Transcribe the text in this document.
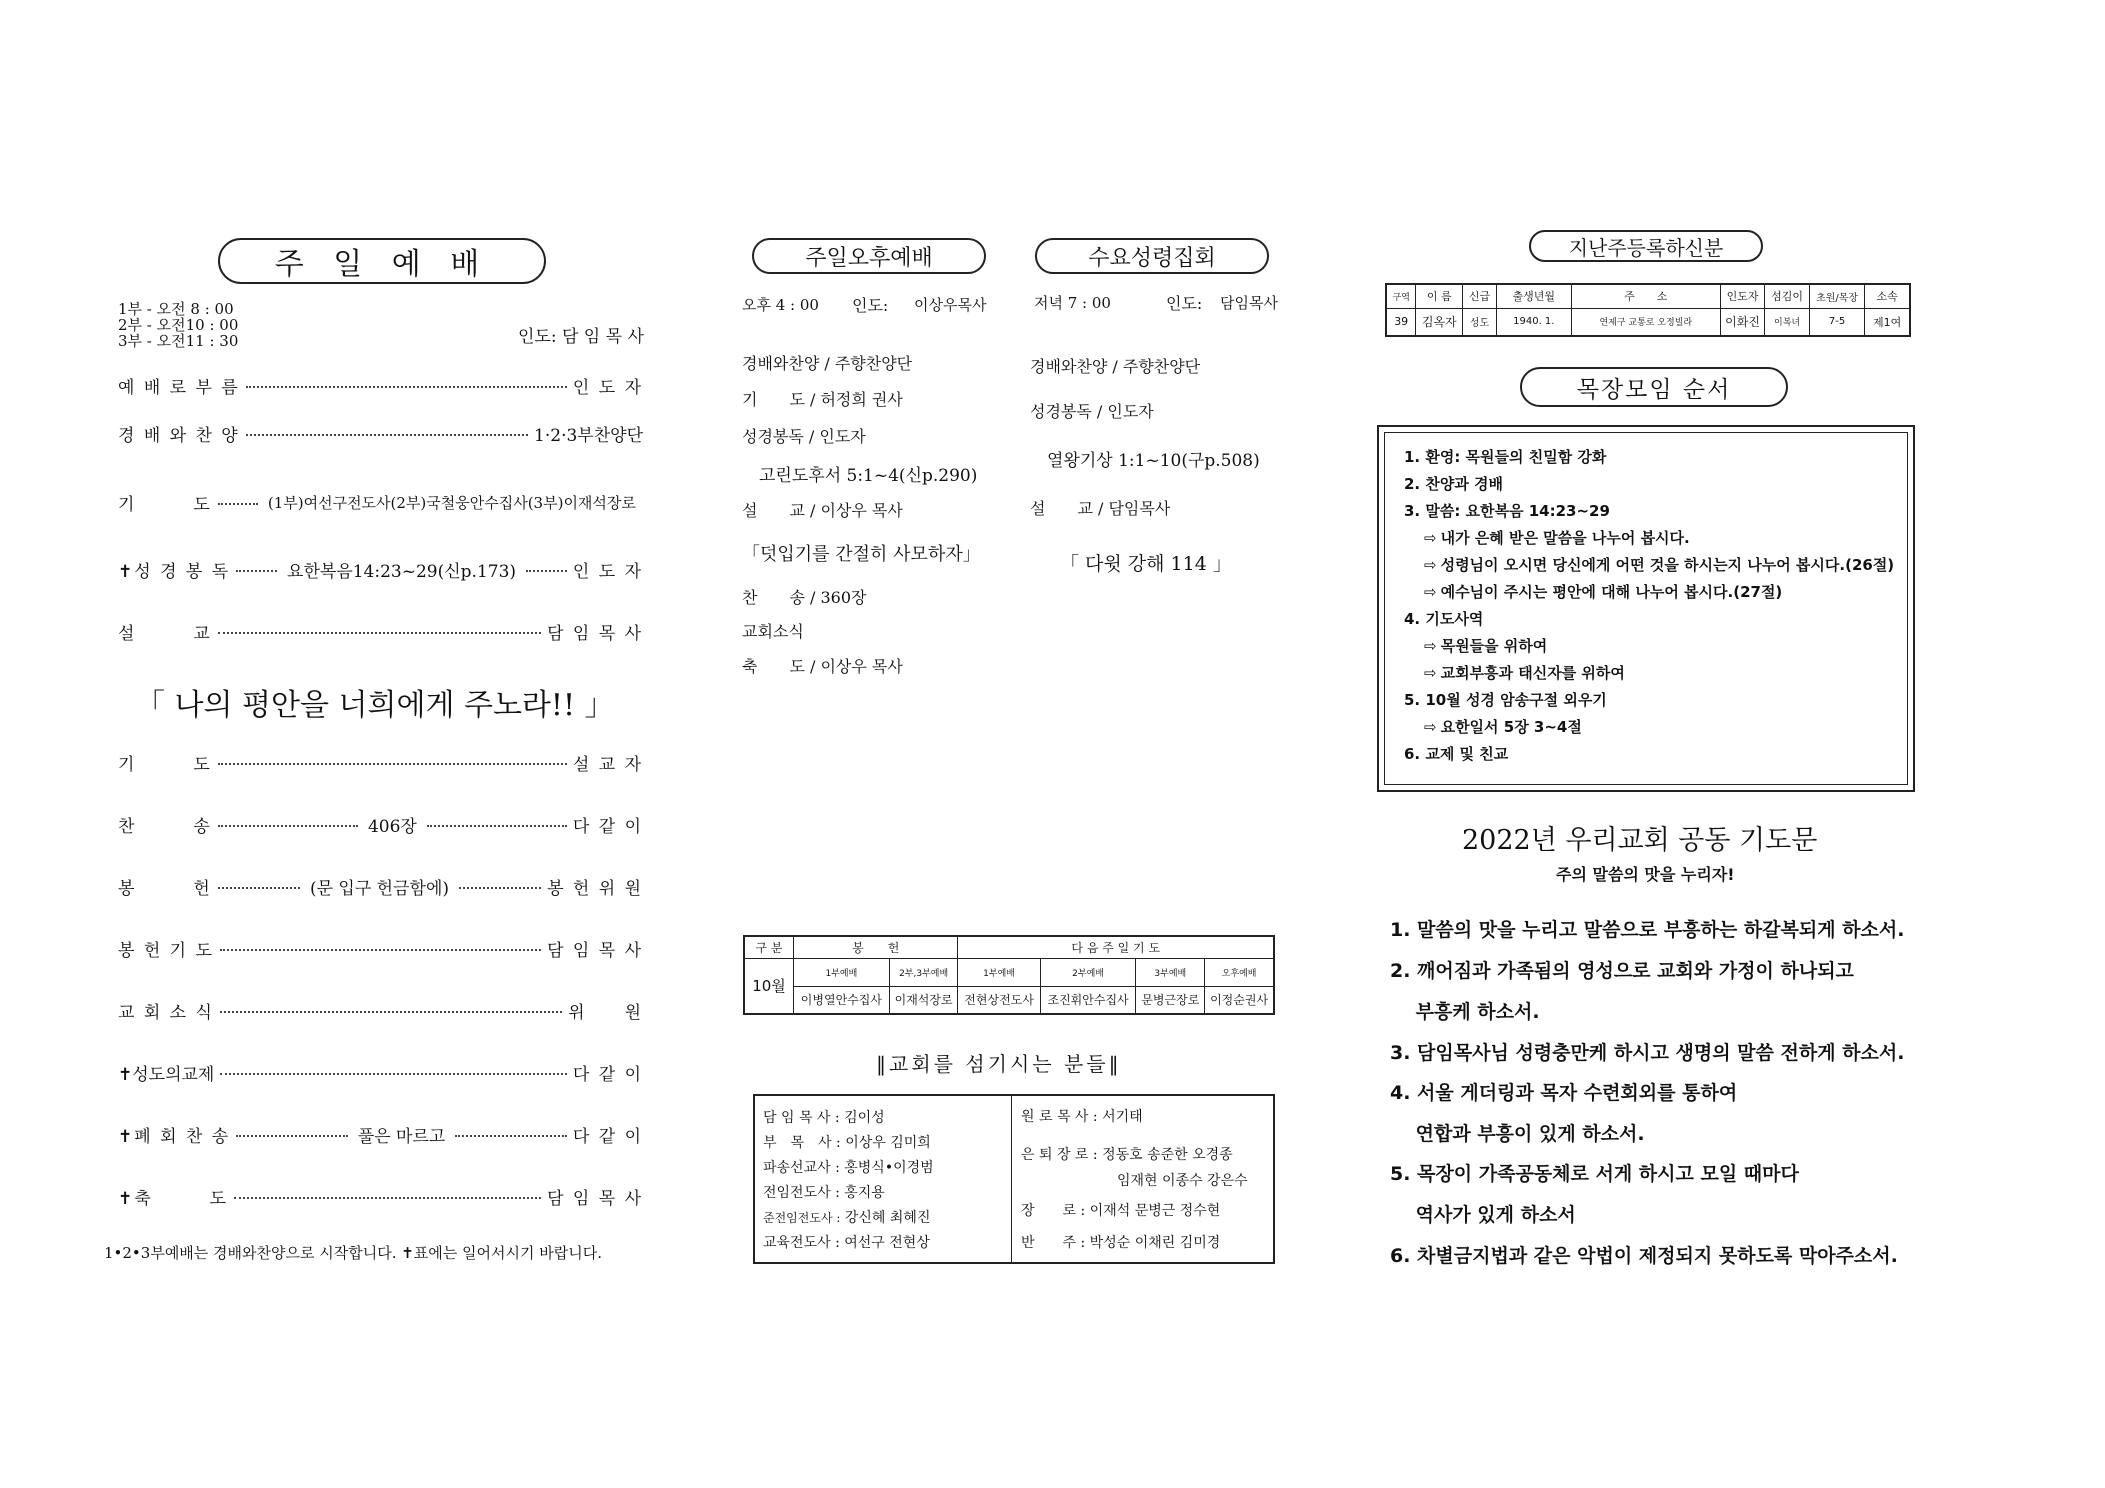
주 일 예 배
1부 - 오전 8 : 00
2부 - 오전10 : 00
3부 - 오전11 : 30	인도: 담 임 목 사
예 배 로 부 름	인 도 자
경 배 와 찬 양	1·2·3부찬양단
기　　　도	(1부)여선구전도사(2부)국철웅안수집사(3부)이재석장로
✝성 경 봉 독	요한복음14:23~29(신p.173)	인 도 자
설　　　교	담 임 목 사
「 나의 평안을 너희에게 주노라!! 」
기　　　도	설 교 자
찬　　　송	406장	다 같 이
봉　　　헌	(문 입구 헌금함에)	봉 헌 위 원
봉 헌 기 도	담 임 목 사
교 회 소 식	위　　원
✝성도의교제	다 같 이
✝폐 회 찬 송	풀은 마르고	다 같 이
✝축　　　도	담 임 목 사
1•2•3부예배는 경배와찬양으로 시작합니다. ✝표에는 일어서시기 바랍니다.
주일오후예배
오후 4 : 00 인도: 이상우목사
경배와찬양 / 주향찬양단
기　　도 / 허정희 권사
성경봉독 / 인도자
　고린도후서 5:1~4(신p.290)
설　　교 / 이상우 목사
「덧입기를 간절히 사모하자」
찬　　송 / 360장
교회소식
축　　도 / 이상우 목사
수요성령집회
저녁 7 : 00	인도: 담임목사
경배와찬양 / 주향찬양단
성경봉독 / 인도자
　열왕기상 1:1~10(구p.508)
설　　교 / 담임목사
「 다윗 강해 114 」
구 분	봉　　헌		다 음 주 일 기 도			
10월	1부예배	2부,3부예배	1부예배	2부예배	3부예배	오후예배
	이병열안수집사	이재석장로	전현상전도사	조진휘안수집사	문병근장로	이정순권사
‖교회를 섬기시는 분들‖
담 임 목 사 : 김이성
부　목　사 : 이상우 김미희
파송선교사 : 홍병식•이경범
전임전도사 : 홍지용
준전임전도사 : 강신혜 최혜진
교육전도사 : 여선구 전현상
원 로 목 사 : 서기태
은 퇴 장 로 : 정동호 송준한 오경종
임재현 이종수 강은수
장　　로 : 이재석 문병근 정수현
반　　주 : 박성순 이채린 김미경
지난주등록하신분
구역	이 름	신급	출생년월	주　　소	인도자	섬김이	초원/목장	소속
39	김옥자	성도	1940. 1.	연제구 교통로 오정빌라	이화진	이복녀	7-5	제1여
목장모임 순서
1. 환영: 목원들의 친밀함 강화
2. 찬양과 경배
3. 말씀: 요한복음 14:23~29
⇨ 내가 은혜 받은 말씀을 나누어 봅시다.
⇨ 성령님이 오시면 당신에게 어떤 것을 하시는지 나누어 봅시다.(26절)
⇨ 예수님이 주시는 평안에 대해 나누어 봅시다.(27절)
4. 기도사역
⇨ 목원들을 위하여
⇨ 교회부흥과 태신자를 위하여
5. 10월 성경 암송구절 외우기
⇨ 요한일서 5장 3~4절
6. 교제 및 친교
2022년 우리교회 공동 기도문
주의 말씀의 맛을 누리자!
1. 말씀의 맛을 누리고 말씀으로 부흥하는 하갈복되게 하소서.
2. 깨어짐과 가족됨의 영성으로 교회와 가정이 하나되고
　 부흥케 하소서.
3. 담임목사님 성령충만케 하시고 생명의 말씀 전하게 하소서.
4. 서울 게더링과 목자 수련회외를 통하여
　 연합과 부흥이 있게 하소서.
5. 목장이 가족공동체로 서게 하시고 모일 때마다
　 역사가 있게 하소서
6. 차별금지법과 같은 악법이 제정되지 못하도록 막아주소서.
